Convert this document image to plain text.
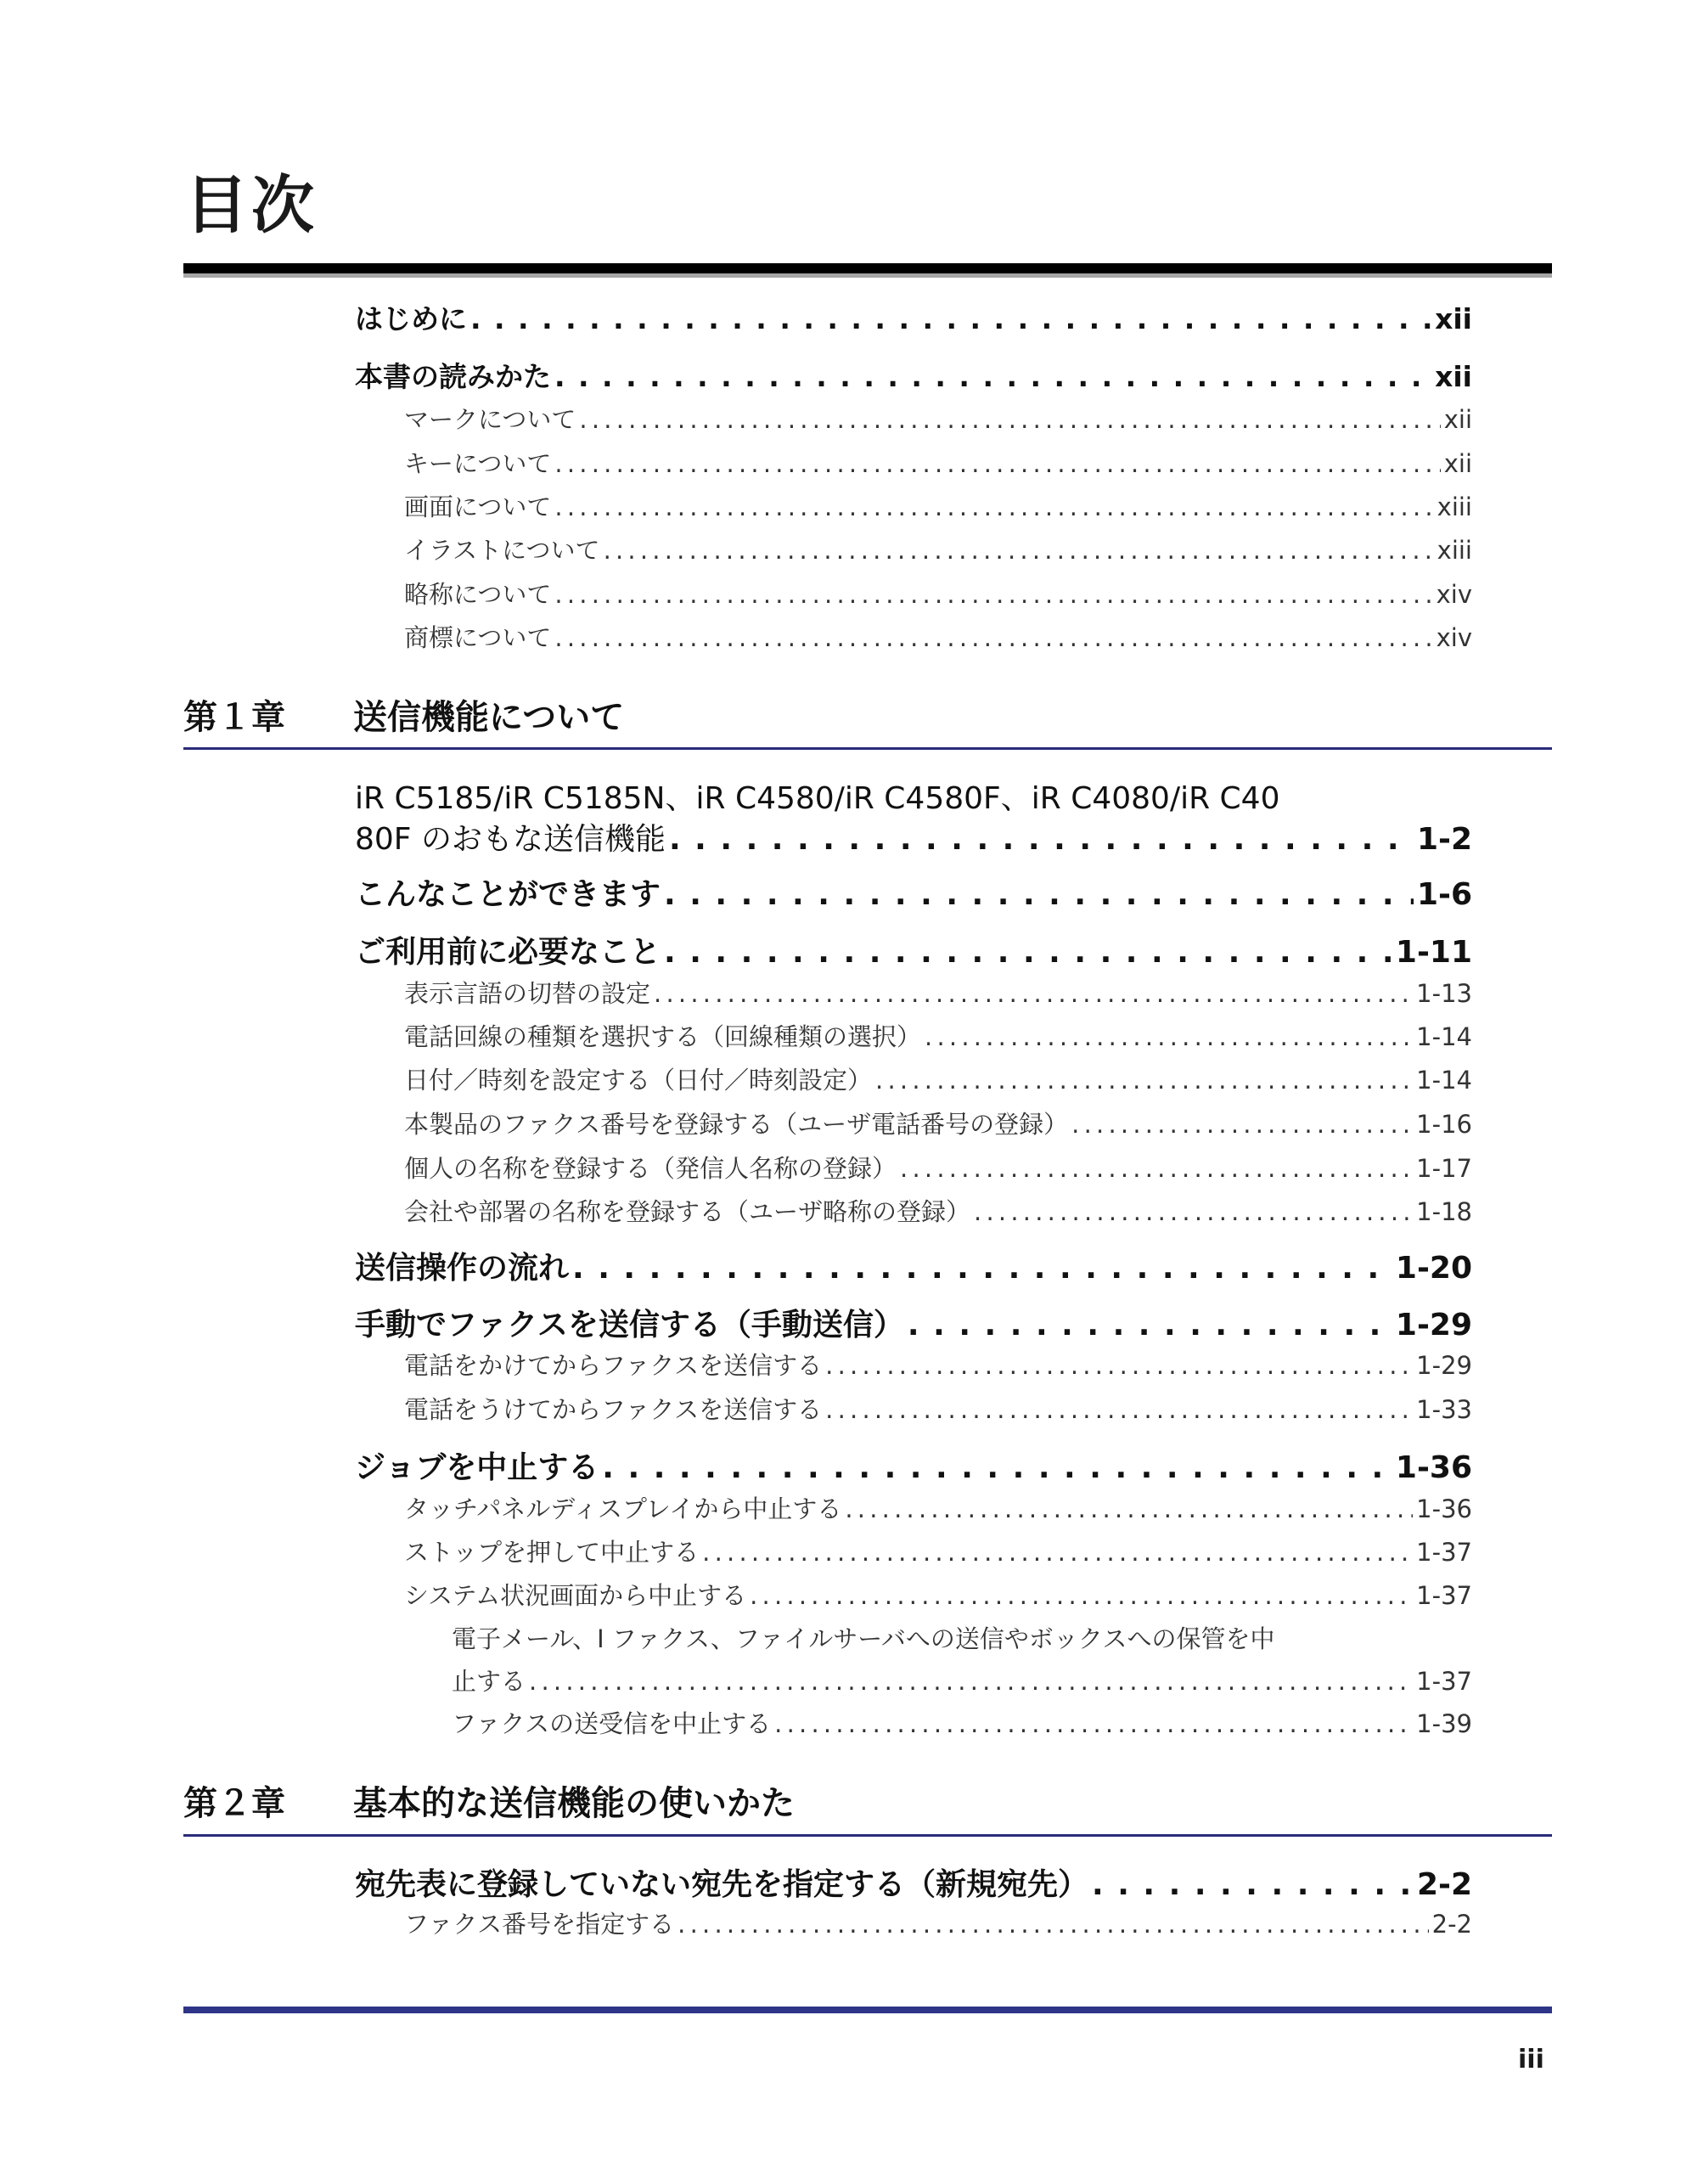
目次
はじめに . . .	xii
本書の読みかた . . .	xii
マークについて . . .	xii
キーについて . . .	xii
画面について . . .	xiii
イラストについて . . .	xiii
略称について . . .	xiv
商標について . . .	xiv
第１章 送信機能について
iR C5185/iR C5185N、iR C4580/iR C4580F、iR C4080/iR C40
80F のおもな送信機能 . . .	1-2
こんなことができます . . .	1-6
ご利用前に必要なこと . . .	1-11
表示言語の切替の設定 . . .	1-13
電話回線の種類を選択する（回線種類の選択） . . .	1-14
日付／時刻を設定する（日付／時刻設定） . . .	1-14
本製品のファクス番号を登録する（ユーザ電話番号の登録） . . .	1-16
個人の名称を登録する（発信人名称の登録） . . .	1-17
会社や部署の名称を登録する（ユーザ略称の登録） . . .	1-18
送信操作の流れ . . .	1-20
手動でファクスを送信する（手動送信） . . .	1-29
電話をかけてからファクスを送信する . . .	1-29
電話をうけてからファクスを送信する . . .	1-33
ジョブを中止する . . .	1-36
タッチパネルディスプレイから中止する . . .	1-36
ストップを押して中止する . . .	1-37
システム状況画面から中止する . . .	1-37
電子メール、I ファクス、ファイルサーバへの送信やボックスへの保管を中
止する . . .	1-37
ファクスの送受信を中止する . . .	1-39
第２章 基本的な送信機能の使いかた
宛先表に登録していない宛先を指定する（新規宛先） . . .	2-2
ファクス番号を指定する . . .	2-2
iii
